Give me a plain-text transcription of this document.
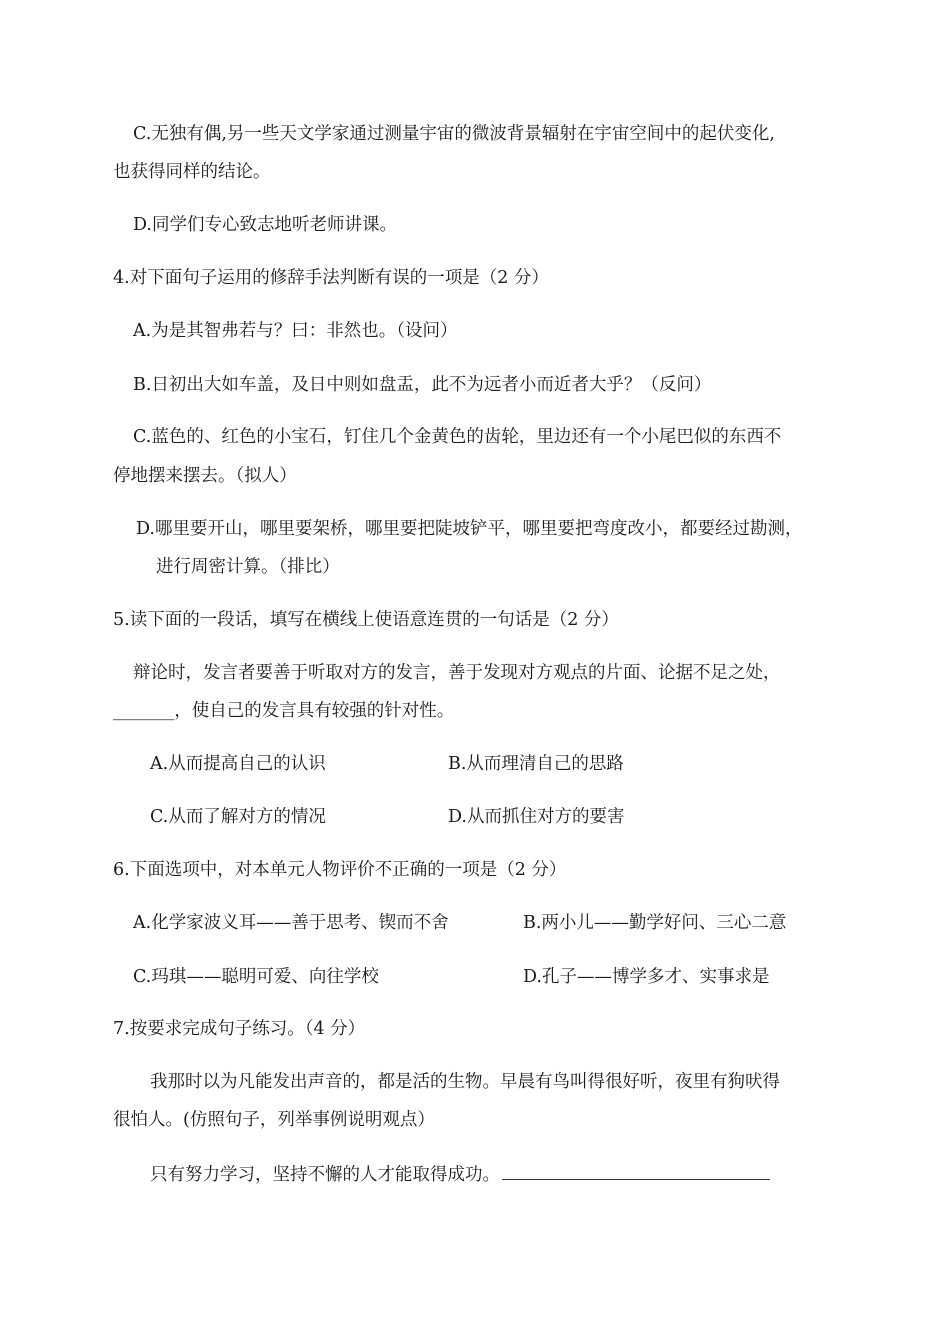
C.无独有偶,另一些天文学家通过测量宇宙的微波背景辐射在宇宙空间中的起伏变化,
也获得同样的结论。
D.同学们专心致志地听老师讲课。
4.对下面句子运用的修辞手法判断有误的一项是（2 分）
A.为是其智弗若与？曰：非然也。（设问）
B.日初出大如车盖，及日中则如盘盂，此不为远者小而近者大乎？（反问）
C.蓝色的、红色的小宝石，钉住几个金黄色的齿轮，里边还有一个小尾巴似的东西不
停地摆来摆去。（拟人）
D.哪里要开山，哪里要架桥，哪里要把陡坡铲平，哪里要把弯度改小，都要经过勘测，
进行周密计算。（排比）
5.读下面的一段话，填写在横线上使语意连贯的一句话是（2 分）
辩论时，发言者要善于听取对方的发言，善于发现对方观点的片面、论据不足之处，
_______，使自己的发言具有较强的针对性。
A.从而提高自己的认识	B.从而理清自己的思路
C.从而了解对方的情况	D.从而抓住对方的要害
6.下面选项中，对本单元人物评价不正确的一项是（2 分）
A.化学家波义耳——善于思考、锲而不舍	B.两小儿——勤学好问、三心二意
C.玛琪——聪明可爱、向往学校	D.孔子——博学多才、实事求是
7.按要求完成句子练习。（4 分）
我那时以为凡能发出声音的，都是活的生物。早晨有鸟叫得很好听，夜里有狗吠得
很怕人。(仿照句子，列举事例说明观点）
只有努力学习，坚持不懈的人才能取得成功。
